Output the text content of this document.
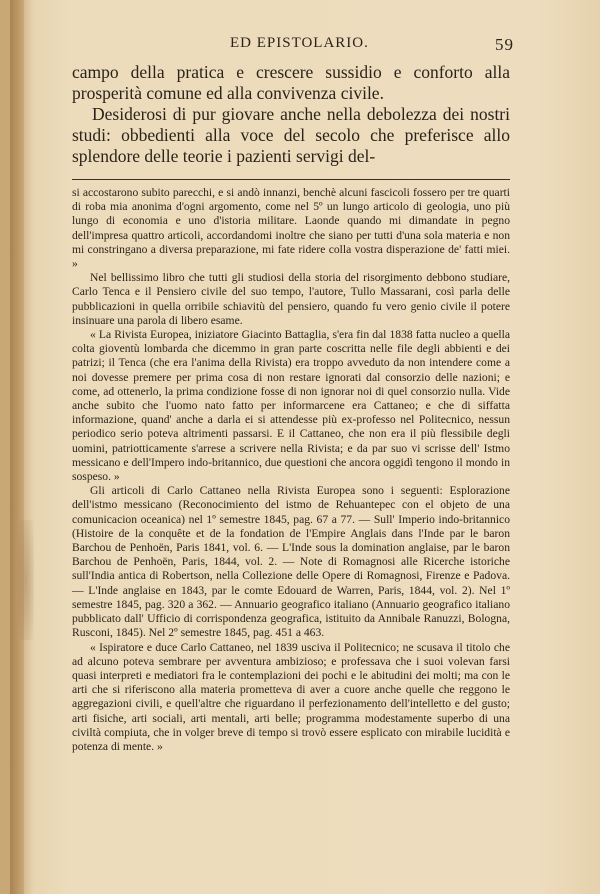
ED EPISTOLARIO.	59

campo della pratica e crescere sussidio e conforto alla prosperità comune ed alla convivenza civile.

Desiderosi di pur giovare anche nella debolezza dei nostri studi: obbedienti alla voce del secolo che preferisce allo splendore delle teorie i pazienti servigi del-

si accostarono subito parecchi, e si andò innanzi, benchè alcuni fascicoli fossero per tre quarti di roba mia anonima d'ogni argomento, come nel 5º un lungo articolo di geologia, uno più lungo di economia e uno d'istoria militare. Laonde quando mi dimandate in pegno dell'impresa quattro articoli, accordandomi inoltre che siano per tutti d'una sola materia e non mi constringano a diversa preparazione, mi fate ridere colla vostra disperazione de' fatti miei. »

Nel bellissimo libro che tutti gli studiosi della storia del risorgimento debbono studiare, Carlo Tenca e il Pensiero civile del suo tempo, l'autore, Tullo Massarani, così parla delle pubblicazioni in quella orribile schiavitù del pensiero, quando fu vero genio civile il potere insinuare una parola di libero esame.

« La Rivista Europea, iniziatore Giacinto Battaglia, s'era fin dal 1838 fatta nucleo a quella colta gioventù lombarda che dicemmo in gran parte coscritta nelle file degli abbienti e dei patrizi; il Tenca (che era l'anima della Rivista) era troppo avveduto da non intendere come a noi dovesse premere per prima cosa di non restare ignorati dal consorzio delle nazioni; e come, ad ottenerlo, la prima condizione fosse di non ignorar noi di quel consorzio nulla. Vide anche subito che l'uomo nato fatto per informarcene era Cattaneo; e che di siffatta informazione, quand' anche a darla ei si attendesse più ex-professo nel Politecnico, nessun periodico serio poteva altrimenti passarsi. E il Cattaneo, che non era il più flessibile degli uomini, patriotticamente s'arrese a scrivere nella Rivista; e da par suo vi scrisse dell' Istmo messicano e dell'Impero indo-britannico, due questioni che ancora oggidì tengono il mondo in sospeso. »

Gli articoli di Carlo Cattaneo nella Rivista Europea sono i seguenti: Esplorazione dell'istmo messicano (Reconocimiento del istmo de Rehuantepec con el objeto de una comunicacion oceanica) nel 1º semestre 1845, pag. 67 a 77. — Sull' Imperio indo-britannico (Histoire de la conquête et de la fondation de l'Empire Anglais dans l'Inde par le baron Barchou de Penhoën, Paris 1841, vol. 6. — L'Inde sous la domination anglaise, par le baron Barchou de Penhoën, Paris, 1844, vol. 2. — Note di Romagnosi alle Ricerche istoriche sull'India antica di Robertson, nella Collezione delle Opere di Romagnosi, Firenze e Padova. — L'Inde anglaise en 1843, par le comte Edouard de Warren, Paris, 1844, vol. 2). Nel 1º semestre 1845, pag. 320 a 362. — Annuario geografico italiano (Annuario geografico italiano pubblicato dall' Ufficio di corrispondenza geografica, istituito da Annibale Ranuzzi, Bologna, Rusconi, 1845). Nel 2º semestre 1845, pag. 451 a 463.

« Ispiratore e duce Carlo Cattaneo, nel 1839 usciva il Politecnico; ne scusava il titolo che ad alcuno poteva sembrare per avventura ambizioso; e professava che i suoi volevan farsi quasi interpreti e mediatori fra le contemplazioni dei pochi e le abitudini dei molti; ma con le arti che si riferiscono alla materia prometteva di aver a cuore anche quelle che reggono le aggregazioni civili, e quell'altre che riguardano il perfezionamento dell'intelletto e del gusto; arti fisiche, arti sociali, arti mentali, arti belle; programma modestamente superbo di una civiltà compiuta, che in volger breve di tempo si trovò essere esplicato con mirabile lucidità e potenza di mente. »
